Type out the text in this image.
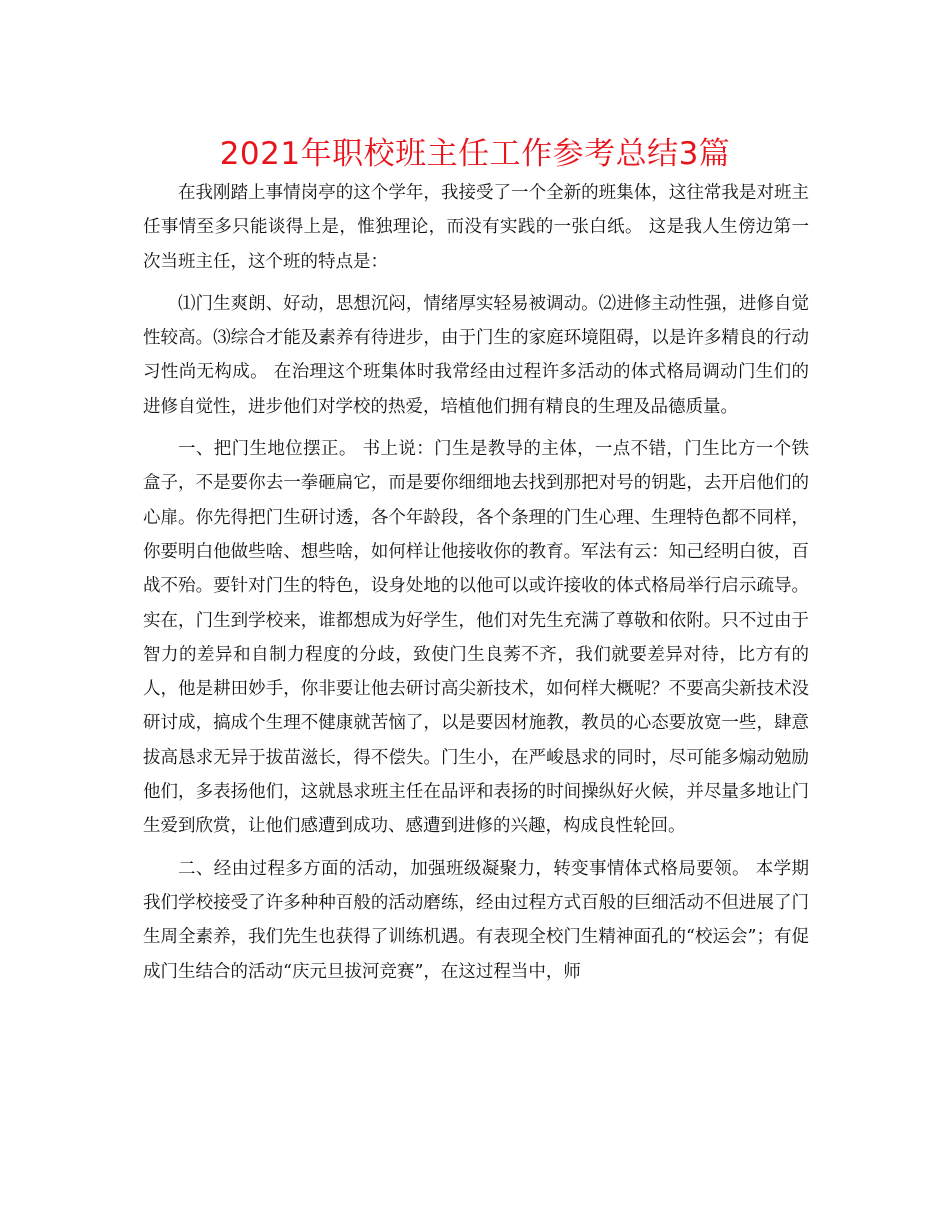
2021年职校班主任工作参考总结3篇

在我刚踏上事情岗亭的这个学年，我接受了一个全新的班集体，这往常我是对班主任事情至多只能谈得上是，惟独理论，而没有实践的一张白纸。 这是我人生傍边第一次当班主任，这个班的特点是：

⑴门生爽朗、好动，思想沉闷，情绪厚实轻易被调动。⑵进修主动性强，进修自觉性较高。⑶综合才能及素养有待进步，由于门生的家庭环境阻碍，以是许多精良的行动习性尚无构成。 在治理这个班集体时我常经由过程许多活动的体式格局调动门生们的进修自觉性，进步他们对学校的热爱，培植他们拥有精良的生理及品德质量。

一、把门生地位摆正。 书上说：门生是教导的主体，一点不错，门生比方一个铁盒子，不是要你去一拳砸扁它，而是要你细细地去找到那把对号的钥匙，去开启他们的心扉。你先得把门生研讨透，各个年龄段，各个条理的门生心理、生理特色都不同样，你要明白他做些啥、想些啥，如何样让他接收你的教育。军法有云：知己经明白彼，百战不殆。要针对门生的特色，设身处地的以他可以或许接收的体式格局举行启示疏导。实在，门生到学校来，谁都想成为好学生，他们对先生充满了尊敬和依附。只不过由于智力的差异和自制力程度的分歧，致使门生良莠不齐，我们就要差异对待，比方有的人，他是耕田妙手，你非要让他去研讨高尖新技术，如何样大概呢？不要高尖新技术没研讨成，搞成个生理不健康就苦恼了，以是要因材施教，教员的心态要放宽一些，肆意拔高恳求无异于拔苗滋长，得不偿失。门生小，在严峻恳求的同时，尽可能多煽动勉励他们，多表扬他们，这就恳求班主任在品评和表扬的时间操纵好火候，并尽量多地让门生爱到欣赏，让他们感遭到成功、感遭到进修的兴趣，构成良性轮回。

二、经由过程多方面的活动，加强班级凝聚力，转变事情体式格局要领。 本学期我们学校接受了许多种种百般的活动磨练，经由过程方式百般的巨细活动不但进展了门生周全素养，我们先生也获得了训练机遇。有表现全校门生精神面孔的“校运会”；有促成门生结合的活动“庆元旦拔河竞赛”，在这过程当中，师
